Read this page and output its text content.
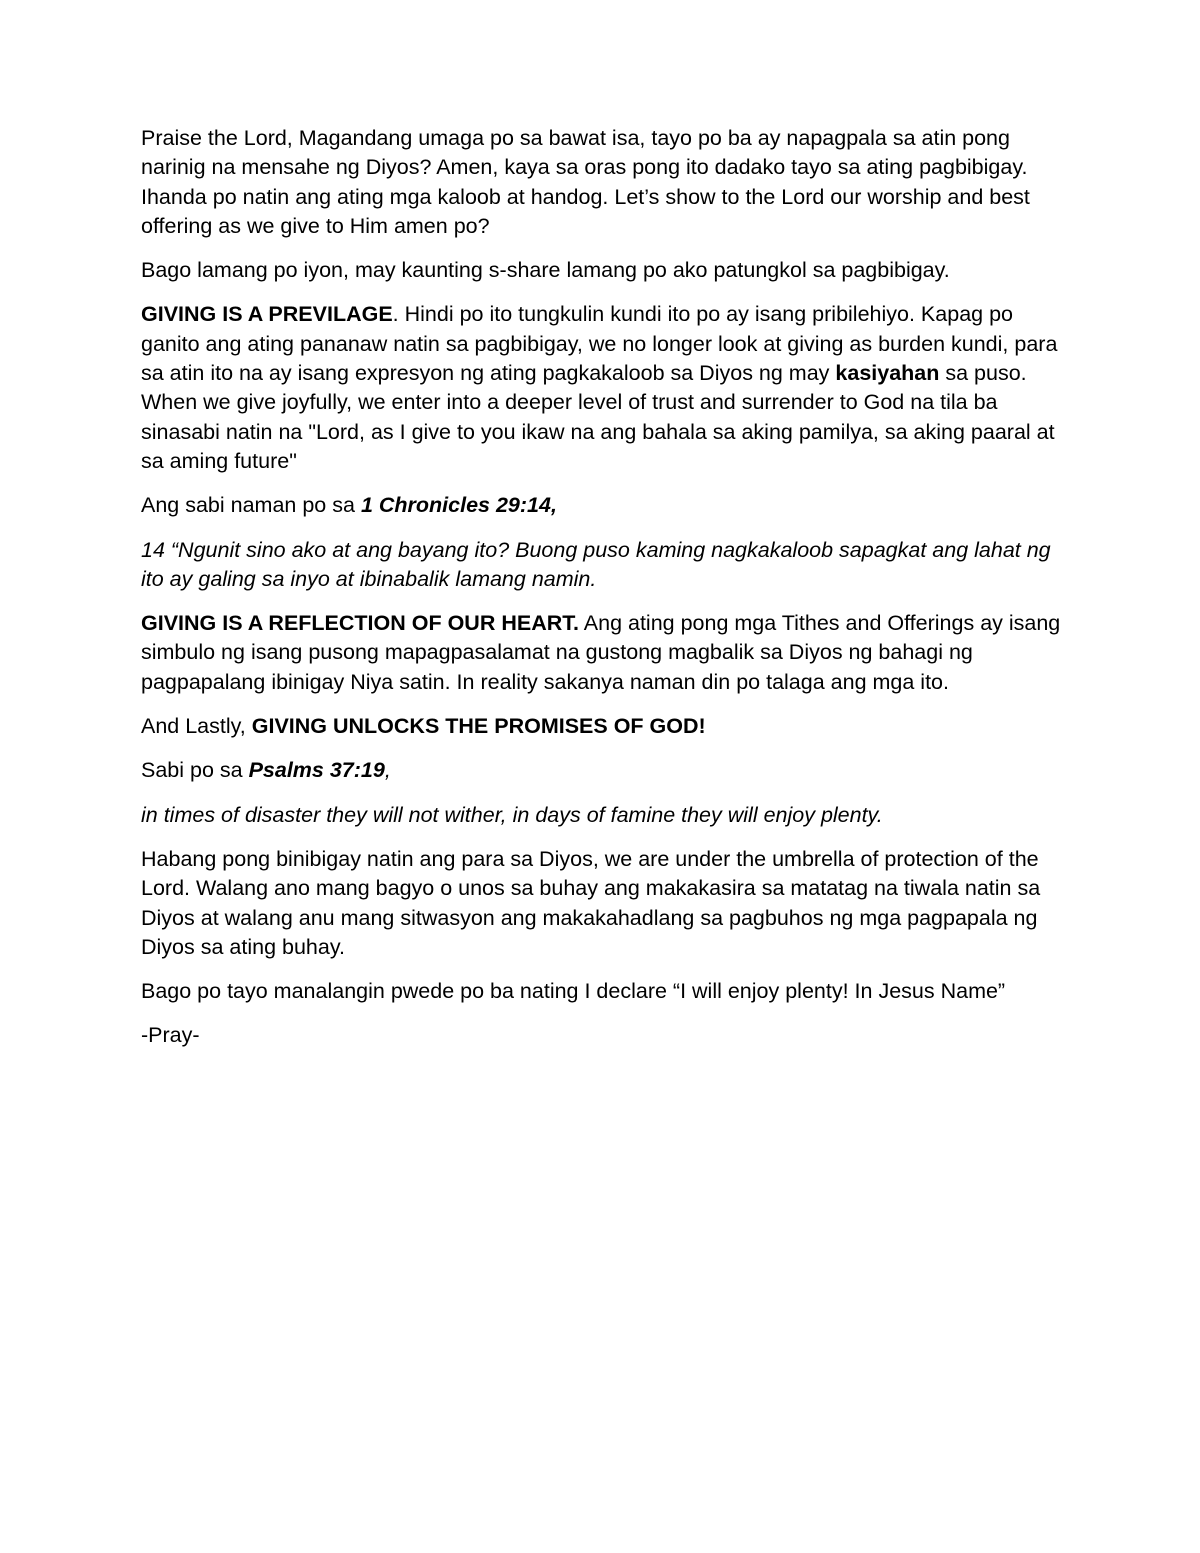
Praise the Lord, Magandang umaga po sa bawat isa, tayo po ba ay napagpala sa atin pong narinig na mensahe ng Diyos? Amen, kaya sa oras pong ito dadako tayo sa ating pagbibigay. Ihanda po natin ang ating mga kaloob at handog. Let’s show to the Lord our worship and best offering as we give to Him amen po?

Bago lamang po iyon, may kaunting s-share lamang po ako patungkol sa pagbibigay.

GIVING IS A PREVILAGE. Hindi po ito tungkulin kundi ito po ay isang pribilehiyo. Kapag po ganito ang ating pananaw natin sa pagbibigay, we no longer look at giving as burden kundi, para sa atin ito na ay isang expresyon ng ating pagkakaloob sa Diyos ng may kasiyahan sa puso. When we give joyfully, we enter into a deeper level of trust and surrender to God na tila ba sinasabi natin na "Lord, as I give to you ikaw na ang bahala sa aking pamilya, sa aking paaral at sa aming future"

Ang sabi naman po sa 1 Chronicles 29:14,

14 “Ngunit sino ako at ang bayang ito? Buong puso kaming nagkakaloob sapagkat ang lahat ng ito ay galing sa inyo at ibinabalik lamang namin.

GIVING IS A REFLECTION OF OUR HEART. Ang ating pong mga Tithes and Offerings ay isang simbulo ng isang pusong mapagpasalamat na gustong magbalik sa Diyos ng bahagi ng pagpapalang ibinigay Niya satin. In reality sakanya naman din po talaga ang mga ito.

And Lastly, GIVING UNLOCKS THE PROMISES OF GOD!

Sabi po sa Psalms 37:19,

in times of disaster they will not wither, in days of famine they will enjoy plenty.

Habang pong binibigay natin ang para sa Diyos, we are under the umbrella of protection of the Lord. Walang ano mang bagyo o unos sa buhay ang makakasira sa matatag na tiwala natin sa Diyos at walang anu mang sitwasyon ang makakahadlang sa pagbuhos ng mga pagpapala ng Diyos sa ating buhay.

Bago po tayo manalangin pwede po ba nating I declare “I will enjoy plenty! In Jesus Name”

-Pray-
